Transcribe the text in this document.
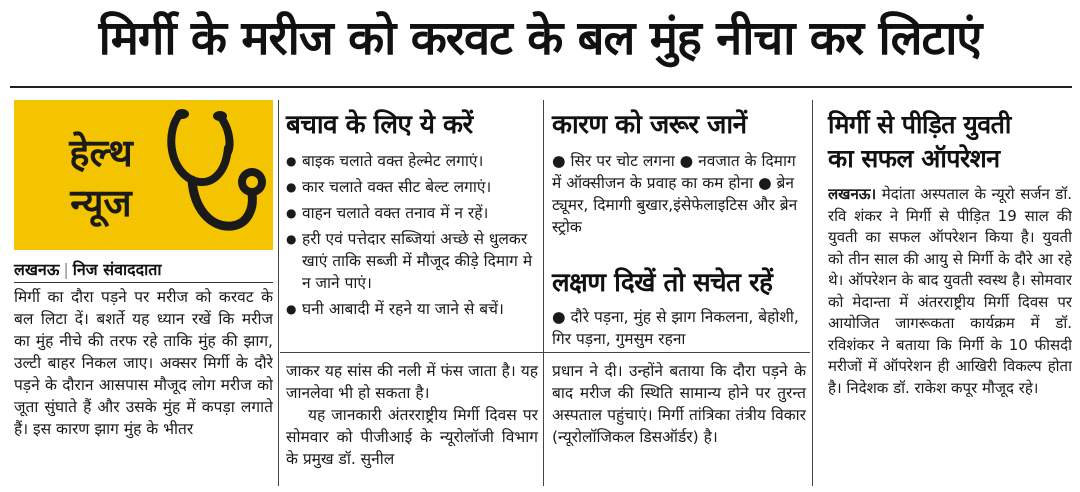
मिर्गी के मरीज को करवट के बल मुंह नीचा कर लिटाएं
हेल्थ
न्यूज
लखनऊ | निज संवाददाता
मिर्गी का दौरा पड़ने पर मरीज को करवट के बल लिटा दें। बशर्ते यह ध्यान रखें कि मरीज का मुंह नीचे की तरफ रहे ताकि मुंह की झाग, उल्टी बाहर निकल जाए। अक्सर मिर्गी के दौरे पड़ने के दौरान आसपास मौजूद लोग मरीज को जूता सुंघाते हैं और उसके मुंह में कपड़ा लगाते हैं। इस कारण झाग मुंह के भीतर
बचाव के लिए ये करें
● बाइक चलाते वक्त हेल्मेट लगाएं।
● कार चलाते वक्त सीट बेल्ट लगाएं।
● वाहन चलाते वक्त तनाव में न रहें।
● हरी एवं पत्तेदार सब्जियां अच्छे से धुलकर खाएं ताकि सब्जी में मौजूद कीड़े दिमाग मे न जाने पाएं।
● घनी आबादी में रहने या जाने से बचें।
कारण को जरूर जानें
● सिर पर चोट लगना ● नवजात के दिमाग में ऑक्सीजन के प्रवाह का कम होना ● ब्रेन ट्यूमर, दिमागी बुखार,इंसेफेलाइटिस और ब्रेन स्ट्रोक
लक्षण दिखें तो सचेत रहें
● दौरे पड़ना, मुंह से झाग निकलना, बेहोशी, गिर पड़ना, गुमसुम रहना
जाकर यह सांस की नली में फंस जाता है। यह जानलेवा भी हो सकता है।
यह जानकारी अंतरराष्ट्रीय मिर्गी दिवस पर सोमवार को पीजीआई के न्यूरोलॉजी विभाग के प्रमुख डॉ. सुनील
प्रधान ने दी। उन्होंने बताया कि दौरा पड़ने के बाद मरीज की स्थिति सामान्य होने पर तुरन्त अस्पताल पहुंचाएं। मिर्गी तांत्रिका तंत्रीय विकार (न्यूरोलॉजिकल डिसऑर्डर) है।
मिर्गी से पीड़ित युवती
का सफल ऑपरेशन
लखनऊ। मेदांता अस्पताल के न्यूरो सर्जन डॉ. रवि शंकर ने मिर्गी से पीड़ित 19 साल की युवती का सफल ऑपरेशन किया है। युवती को तीन साल की आयु से मिर्गी के दौरे आ रहे थे। ऑपरेशन के बाद युवती स्वस्थ है। सोमवार को मेदान्ता में अंतरराष्ट्रीय मिर्गी दिवस पर आयोजित जागरूकता कार्यक्रम में डॉ. रविशंकर ने बताया कि मिर्गी के 10 फीसदी मरीजों में ऑपरेशन ही आखिरी विकल्प होता है। निदेशक डॉ. राकेश कपूर मौजूद रहे।
